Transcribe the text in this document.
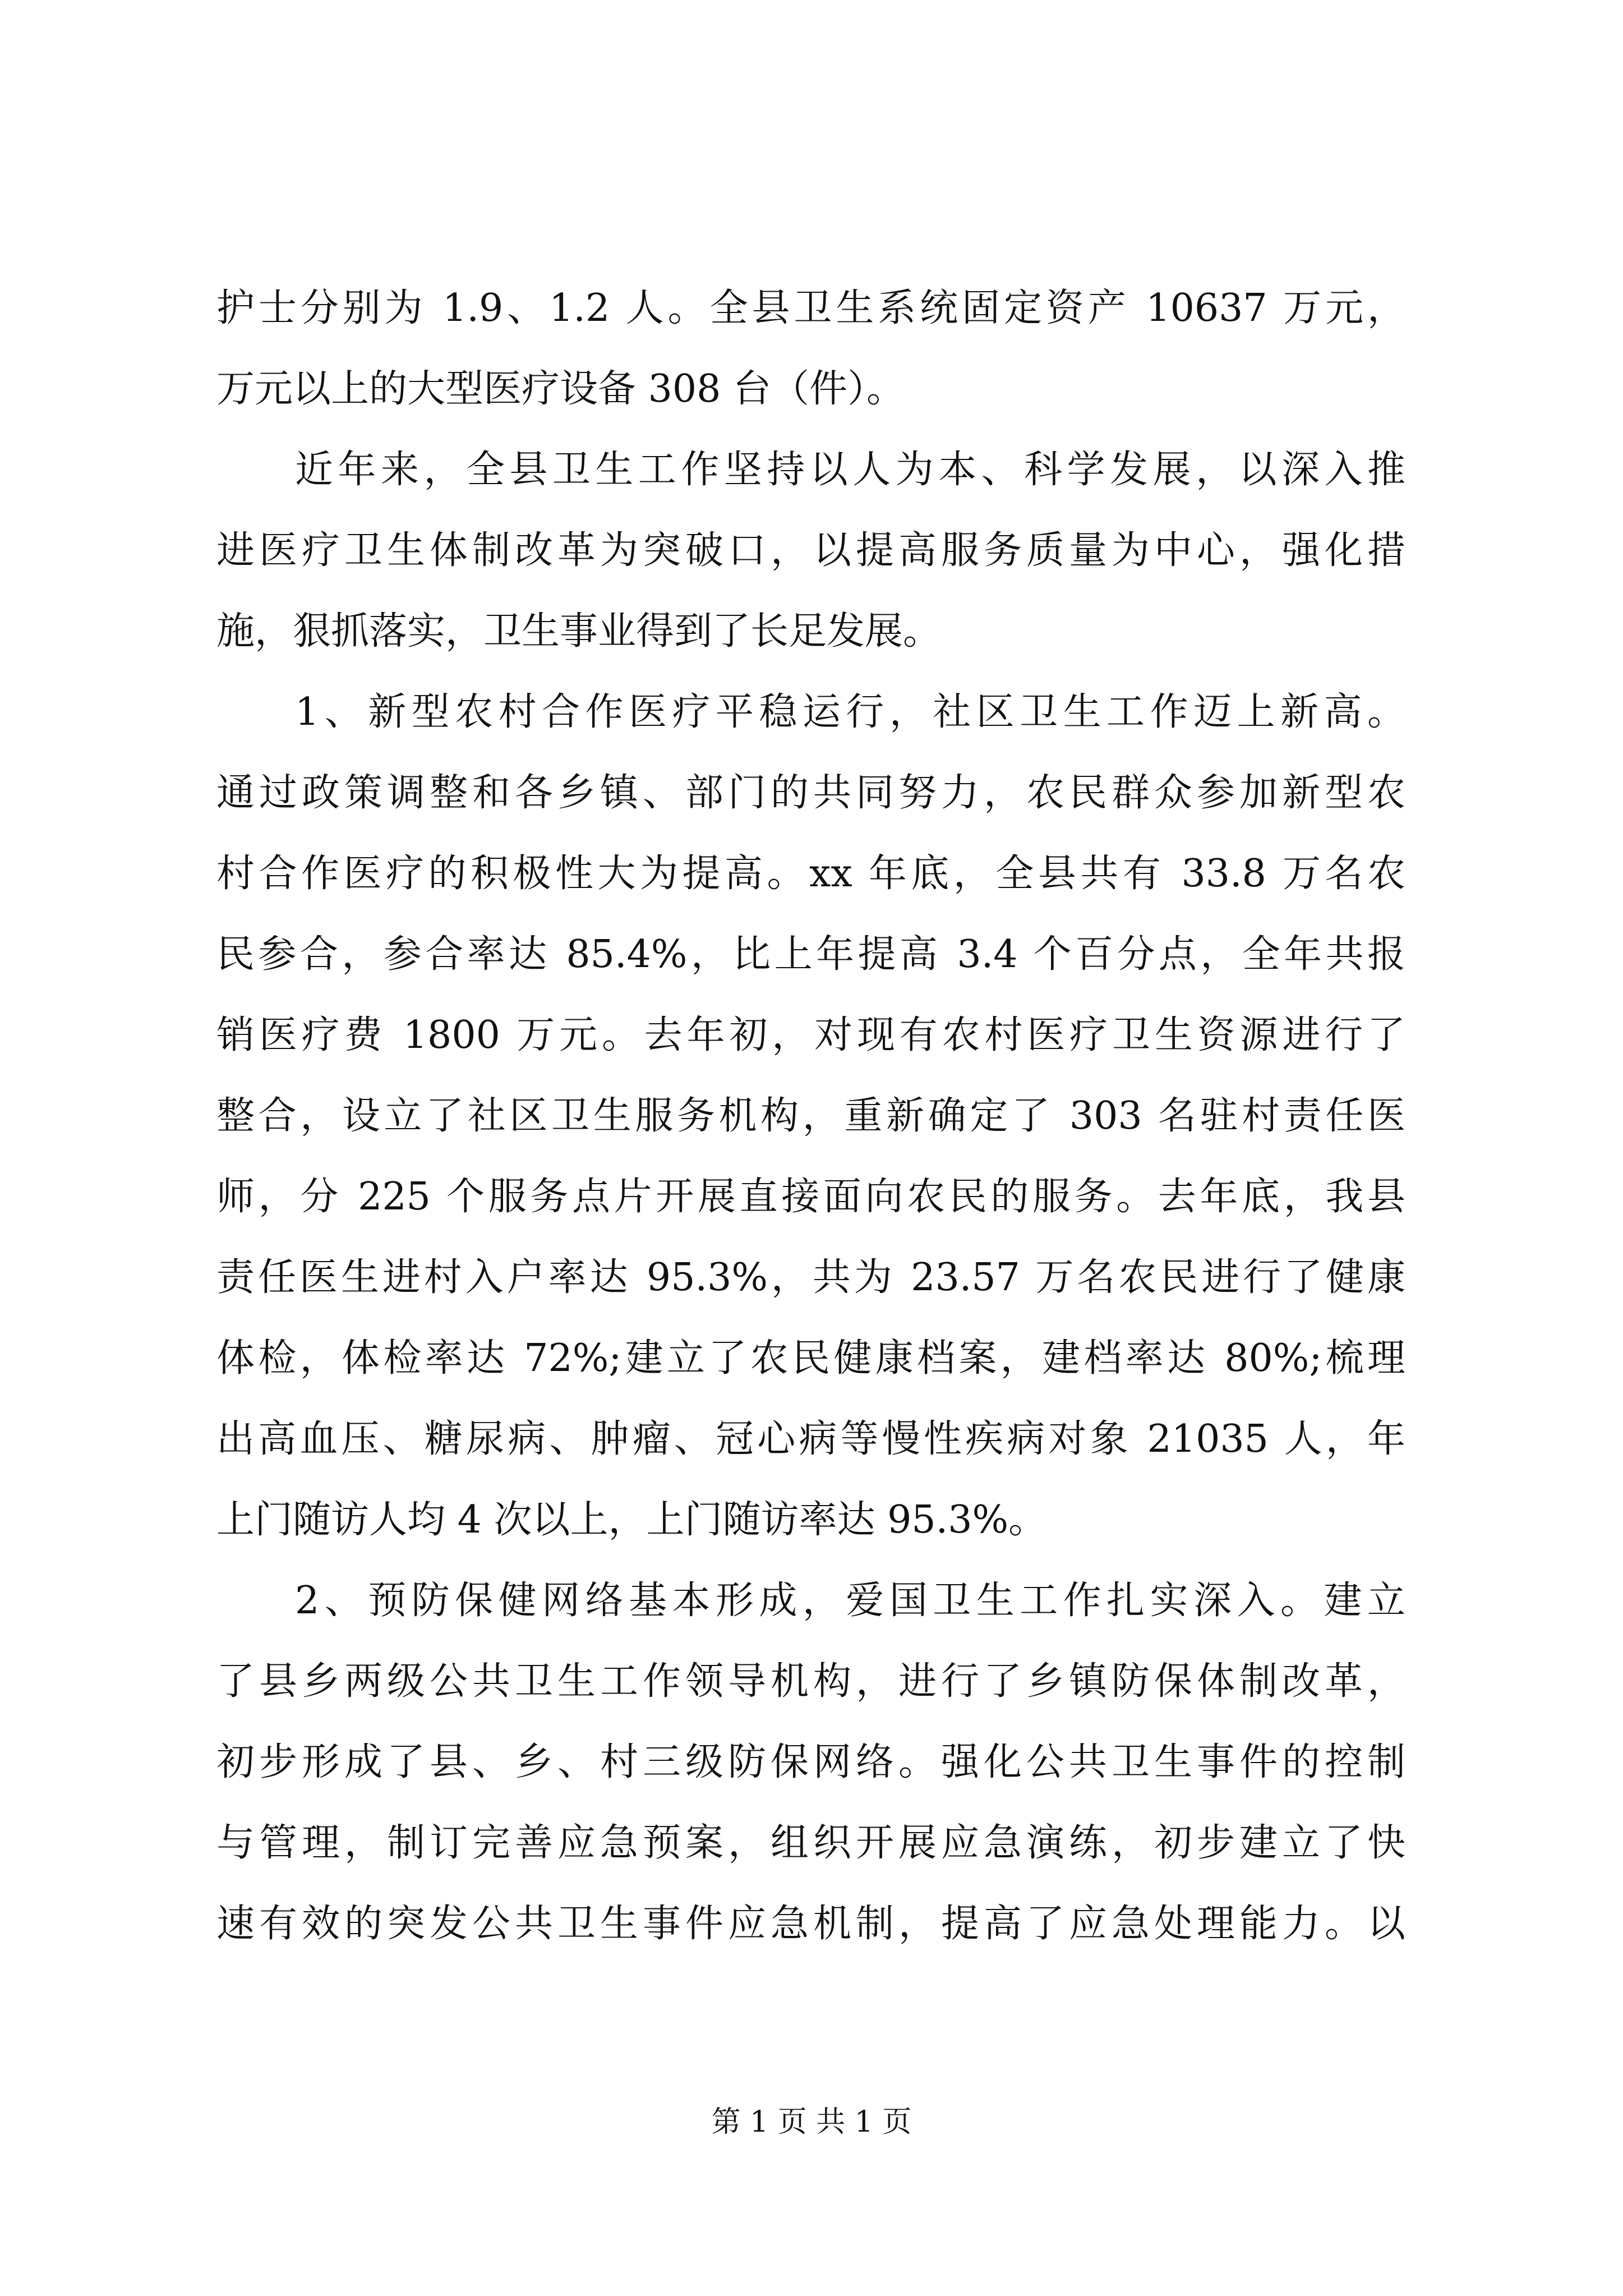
护士分别为 1.9、1.2 人。全县卫生系统固定资产 10637 万元，
万元以上的大型医疗设备 308 台（件）。
近年来，全县卫生工作坚持以人为本、科学发展，以深入推
进医疗卫生体制改革为突破口，以提高服务质量为中心，强化措
施，狠抓落实，卫生事业得到了长足发展。
1、新型农村合作医疗平稳运行，社区卫生工作迈上新高。
通过政策调整和各乡镇、部门的共同努力，农民群众参加新型农
村合作医疗的积极性大为提高。xx 年底，全县共有 33.8 万名农
民参合，参合率达 85.4%，比上年提高 3.4 个百分点，全年共报
销医疗费 1800 万元。去年初，对现有农村医疗卫生资源进行了
整合，设立了社区卫生服务机构，重新确定了 303 名驻村责任医
师，分 225 个服务点片开展直接面向农民的服务。去年底，我县
责任医生进村入户率达 95.3%，共为 23.57 万名农民进行了健康
体检，体检率达 72%;建立了农民健康档案，建档率达 80%;梳理
出高血压、糖尿病、肿瘤、冠心病等慢性疾病对象 21035 人，年
上门随访人均 4 次以上，上门随访率达 95.3%。
2、预防保健网络基本形成，爱国卫生工作扎实深入。建立
了县乡两级公共卫生工作领导机构，进行了乡镇防保体制改革，
初步形成了县、乡、村三级防保网络。强化公共卫生事件的控制
与管理，制订完善应急预案，组织开展应急演练，初步建立了快
速有效的突发公共卫生事件应急机制，提高了应急处理能力。以
第 1 页 共 1 页
